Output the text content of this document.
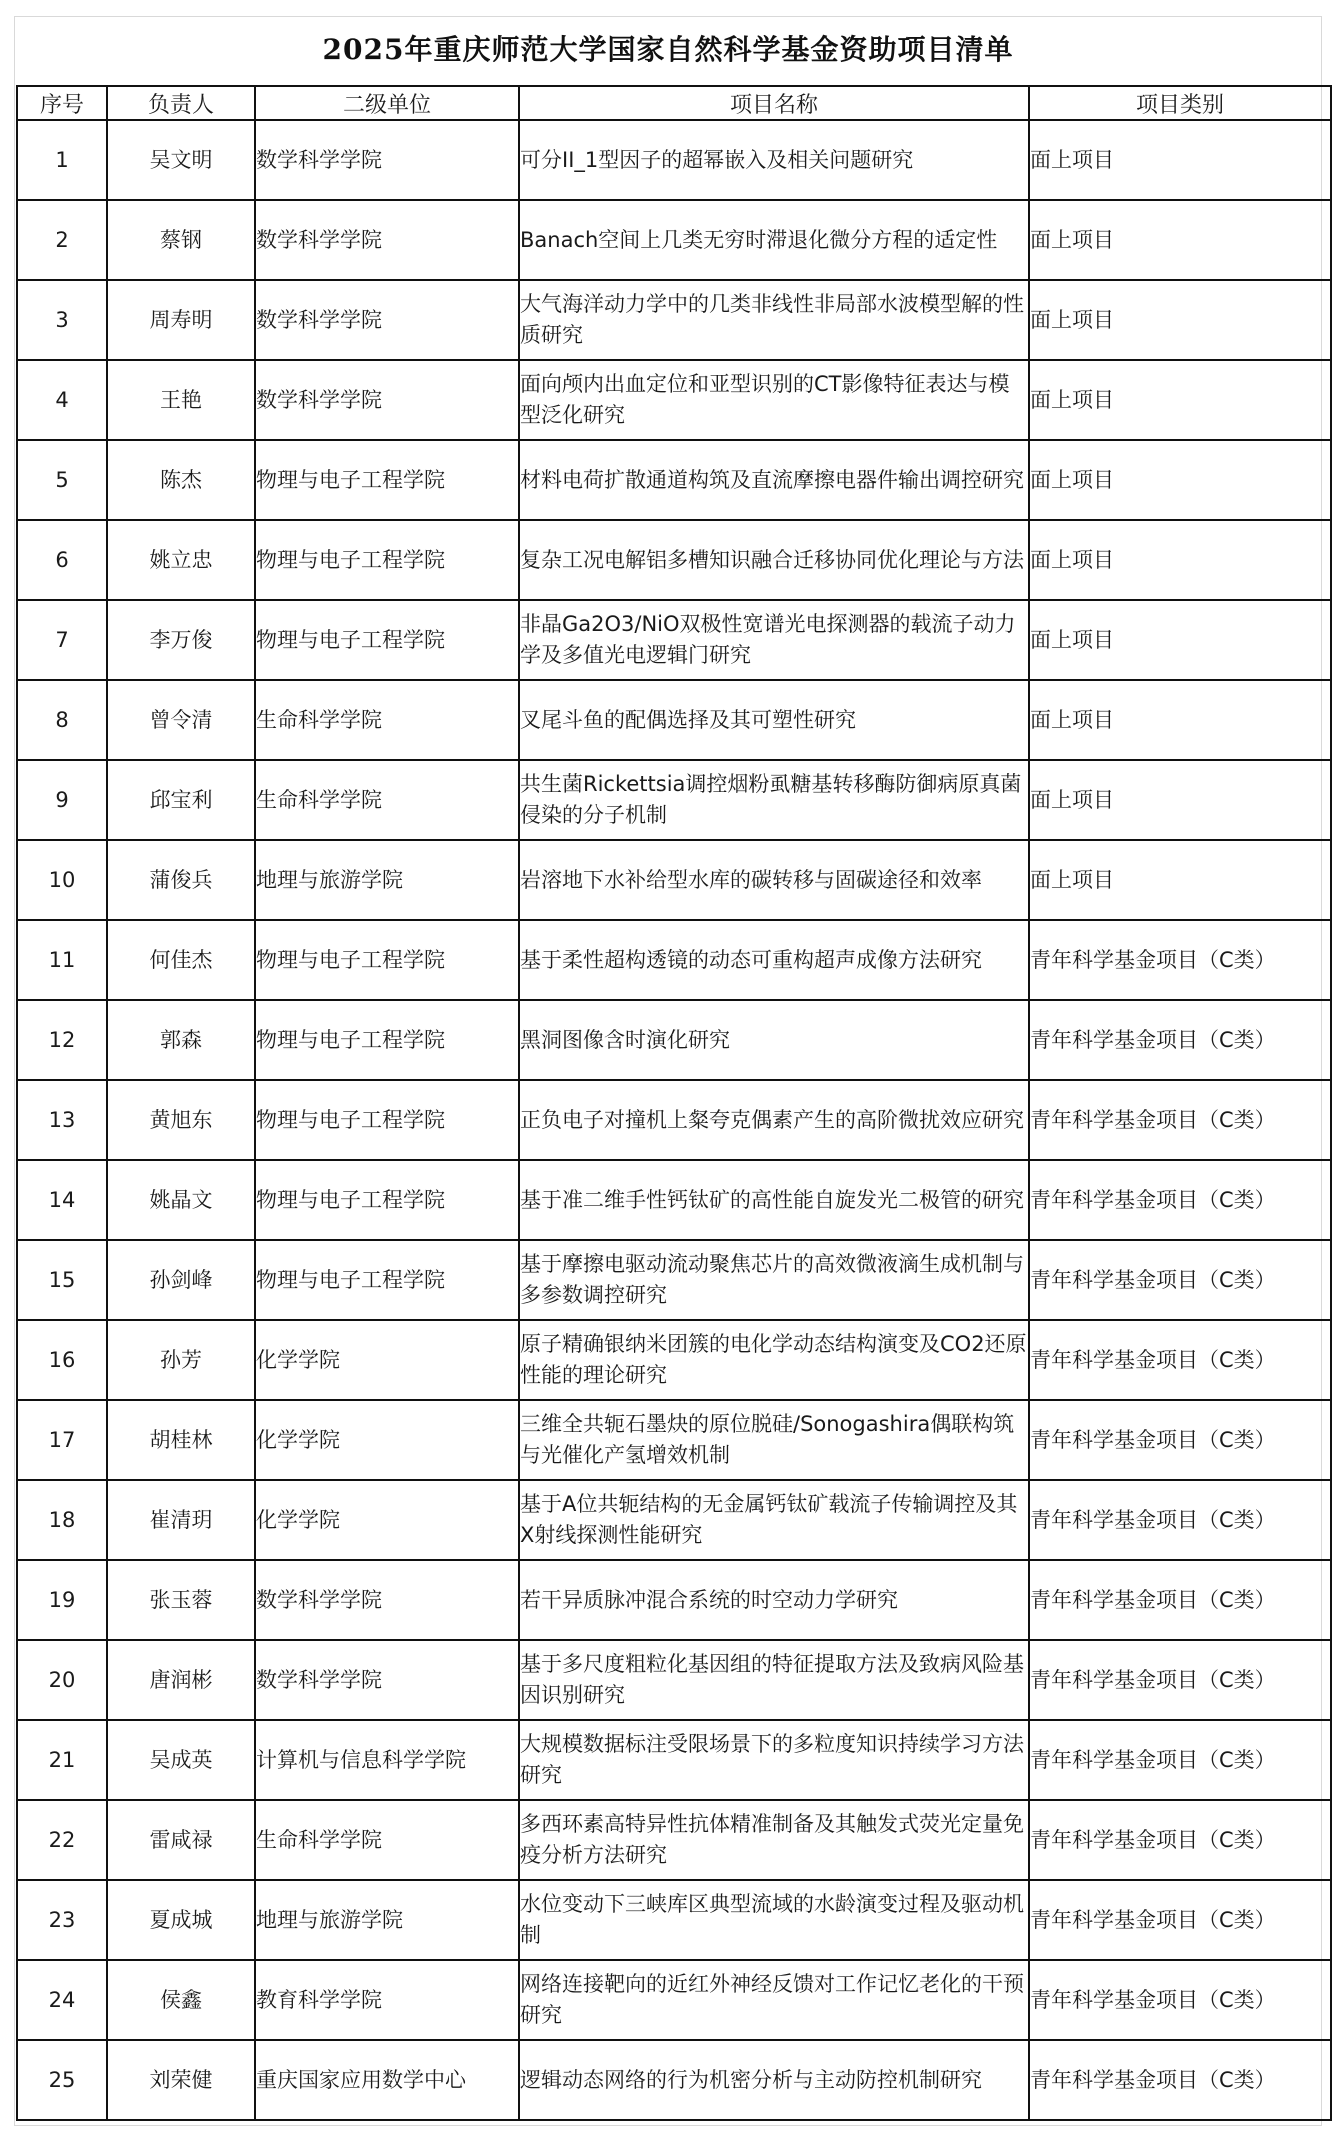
2025年重庆师范大学国家自然科学基金资助项目清单
序号	负责人	二级单位	项目名称	项目类别
1	吴文明	数学科学学院	可分II_1型因子的超幂嵌入及相关问题研究	面上项目
2	蔡钢	数学科学学院	Banach空间上几类无穷时滞退化微分方程的适定性	面上项目
3	周寿明	数学科学学院	大气海洋动力学中的几类非线性非局部水波模型解的性质研究	面上项目
4	王艳	数学科学学院	面向颅内出血定位和亚型识别的CT影像特征表达与模型泛化研究	面上项目
5	陈杰	物理与电子工程学院	材料电荷扩散通道构筑及直流摩擦电器件输出调控研究	面上项目
6	姚立忠	物理与电子工程学院	复杂工况电解铝多槽知识融合迁移协同优化理论与方法	面上项目
7	李万俊	物理与电子工程学院	非晶Ga2O3/NiO双极性宽谱光电探测器的载流子动力学及多值光电逻辑门研究	面上项目
8	曾令清	生命科学学院	叉尾斗鱼的配偶选择及其可塑性研究	面上项目
9	邱宝利	生命科学学院	共生菌Rickettsia调控烟粉虱糖基转移酶防御病原真菌侵染的分子机制	面上项目
10	蒲俊兵	地理与旅游学院	岩溶地下水补给型水库的碳转移与固碳途径和效率	面上项目
11	何佳杰	物理与电子工程学院	基于柔性超构透镜的动态可重构超声成像方法研究	青年科学基金项目（C类）
12	郭森	物理与电子工程学院	黑洞图像含时演化研究	青年科学基金项目（C类）
13	黄旭东	物理与电子工程学院	正负电子对撞机上粲夸克偶素产生的高阶微扰效应研究	青年科学基金项目（C类）
14	姚晶文	物理与电子工程学院	基于准二维手性钙钛矿的高性能自旋发光二极管的研究	青年科学基金项目（C类）
15	孙剑峰	物理与电子工程学院	基于摩擦电驱动流动聚焦芯片的高效微液滴生成机制与多参数调控研究	青年科学基金项目（C类）
16	孙芳	化学学院	原子精确银纳米团簇的电化学动态结构演变及CO2还原性能的理论研究	青年科学基金项目（C类）
17	胡桂林	化学学院	三维全共轭石墨炔的原位脱硅/Sonogashira偶联构筑与光催化产氢增效机制	青年科学基金项目（C类）
18	崔清玥	化学学院	基于A位共轭结构的无金属钙钛矿载流子传输调控及其X射线探测性能研究	青年科学基金项目（C类）
19	张玉蓉	数学科学学院	若干异质脉冲混合系统的时空动力学研究	青年科学基金项目（C类）
20	唐润彬	数学科学学院	基于多尺度粗粒化基因组的特征提取方法及致病风险基因识别研究	青年科学基金项目（C类）
21	吴成英	计算机与信息科学学院	大规模数据标注受限场景下的多粒度知识持续学习方法研究	青年科学基金项目（C类）
22	雷咸禄	生命科学学院	多西环素高特异性抗体精准制备及其触发式荧光定量免疫分析方法研究	青年科学基金项目（C类）
23	夏成城	地理与旅游学院	水位变动下三峡库区典型流域的水龄演变过程及驱动机制	青年科学基金项目（C类）
24	侯鑫	教育科学学院	网络连接靶向的近红外神经反馈对工作记忆老化的干预研究	青年科学基金项目（C类）
25	刘荣健	重庆国家应用数学中心	逻辑动态网络的行为机密分析与主动防控机制研究	青年科学基金项目（C类）
